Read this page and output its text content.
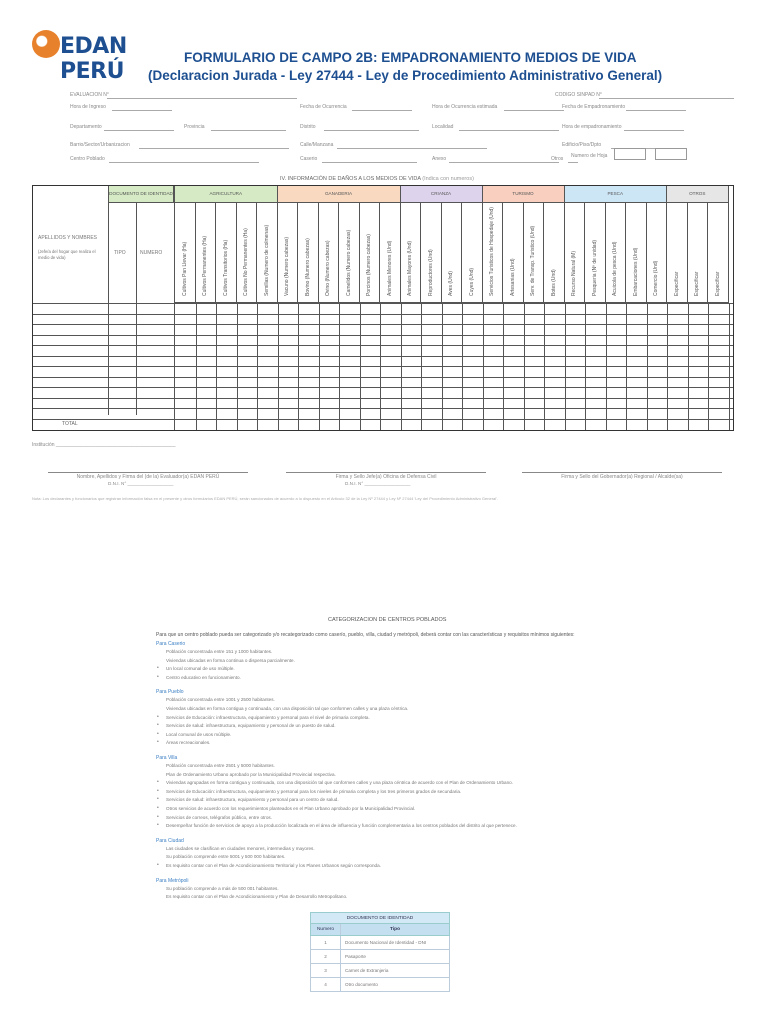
EDAN PERÚ
FORMULARIO DE CAMPO 2B: EMPADRONAMIENTO MEDIOS DE VIDA
(Declaracion Jurada - Ley 27444 - Ley de Procedimiento Administrativo General)
EVALUACION N°	CODIGO SINPAD N°
Hora de Ingreso	Fecha de Ocurrencia	Hora de Ocurrencia estimada	Fecha de Empadronamiento
Departamento	Provincia	Distrito	Localidad	Hora de empadronamiento
Barrio/Sector/Urbanizacion	Calle/Manzana	Edificio/Piso/Dpto
Centro Poblado	Caserio	Anexo	Otros Numero de Hoja
IV. INFORMACIÓN DE DAÑOS A LOS MEDIOS DE VIDA (Indica con numeros)
APELLIDOS Y NOMBRES
(Jefe/a del hogar que realiza el medio de vida)
DOCUMENTO DE IDENTIDAD
TIPO	NUMERO
AGRICULTURA	GANADERIA	CRIANZA	TURISMO	PESCA	OTROS
Cultivos Pan Llevar (Ha)	Cultivos Permanentes (Ha)	Cultivos Transitorios (Ha)	Cultivos No Permanentes (Ha)	Semillas (Numero de colmenas)	Vacuno (Numero cabezas)	Bovino (Numero cabezas)	Ovino (Numero cabezas)	Camelidos (Numero cabezas)	Porcinos (Numero cabezas)	Animales Menores (Und)	Animales Mayores (Und)	Reproductores (Und)	Aves (Und)	Cuyes (Und)	Servicios Turisticos de Hospedaje (Und)	Artesanias (Und)	Serv. de Transp. Turistico (Und)	Botes (Und)	Recurso Natural (M)	Pesqueria (Nº de unidad)	Acuicola de pesca (Und)	Embarcaciones (Und)	Comercio (Und)	Especificar	Especificar	Especificar
TOTAL
Institución ___________________________________________
Nombre, Apellidos y Firma del (de la) Evaluador(a) EDAN PERÚ
D.N.I. N° __________________
Firma y Sello Jefe(a) Oficina de Defensa Civil
D.N.I. N° __________________
Firma y Sello del Gobernador(a) Regional / Alcalde(sa)
Nota: Los declarantes y funcionarios que registran información falsa en el presente y otros formularios EDAN PERÚ, serán sancionados de acuerdo a lo dispuesto en el Artículo 32 de la Ley Nº 27444 y Ley Nº 27444 'Ley del Procedimiento Administrativo General'.
CATEGORIZACION DE CENTROS POBLADOS
Para que un centro poblado pueda ser categorizado y/o recategorizado como caserío, pueblo, villa, ciudad y metrópoli, deberá contar con las características y requisitos mínimos siguientes:
Para Caserio
Población concentrada entre 151 y 1000 habitantes.
Viviendas ubicadas en forma continua o dispersa parcialmente.
Un local comunal de uso múltiple.
•
Centro educativo en funcionamiento.
•
Para Pueblo
Población concentrada entre 1001 y 2500 habitantes.
Viviendas ubicadas en forma contigua y continuada, con una disposición tal que conformen calles y una plaza céntrica.
Servicios de Educación: infraestructura, equipamiento y personal para el nivel de primaria completa.
•
Servicios de salud: infraestructura, equipamiento y personal de un puesto de salud.
•
Local comunal de usos múltiple.
•
Áreas recreacionales.
•
Para Villa
Población concentrada entre 2501 y 5000 habitantes.
Plan de Ordenamiento Urbano aprobado por la Municipalidad Provincial respectiva.
Viviendas agrupadas en forma contigua y continuada, con una disposición tal que conformen calles y una plaza céntrica de acuerdo con el Plan de Ordenamiento Urbano.
•
Servicios de Educación: infraestructura, equipamiento y personal para los niveles de primaria completa y los tres primeros grados de secundaria.
•
Servicios de salud: infraestructura, equipamiento y personal para un centro de salud.
•
Otros servicios de acuerdo con los requerimientos planteados en el Plan Urbano aprobado por la Municipalidad Provincial.
•
Servicios de correos, telégrafos público, entre otros.
•
Desempeñar función de servicios de apoyo a la producción localizada en el área de influencia y función complementaria a los centros poblados del distrito al que pertenece.
•
Para Ciudad
Las ciudades se clasifican en ciudades menores, intermedias y mayores.
Su población comprende entre 5001 y 500 000 habitantes.
Es requisito contar con el Plan de Acondicionamiento Territorial y los Planes Urbanos según corresponda.
•
Para Metrópoli
Su población comprende a más de 500 001 habitantes.
Es requisito contar con el Plan de Acondicionamiento y Plan de Desarrollo Metropolitano.
DOCUMENTO DE IDENTIDAD
Numero	Tipo
1	Documento Nacional de Identidad - DNI
2	Pasaporte
3	Carnet de Extranjeria
4	Otro documento
